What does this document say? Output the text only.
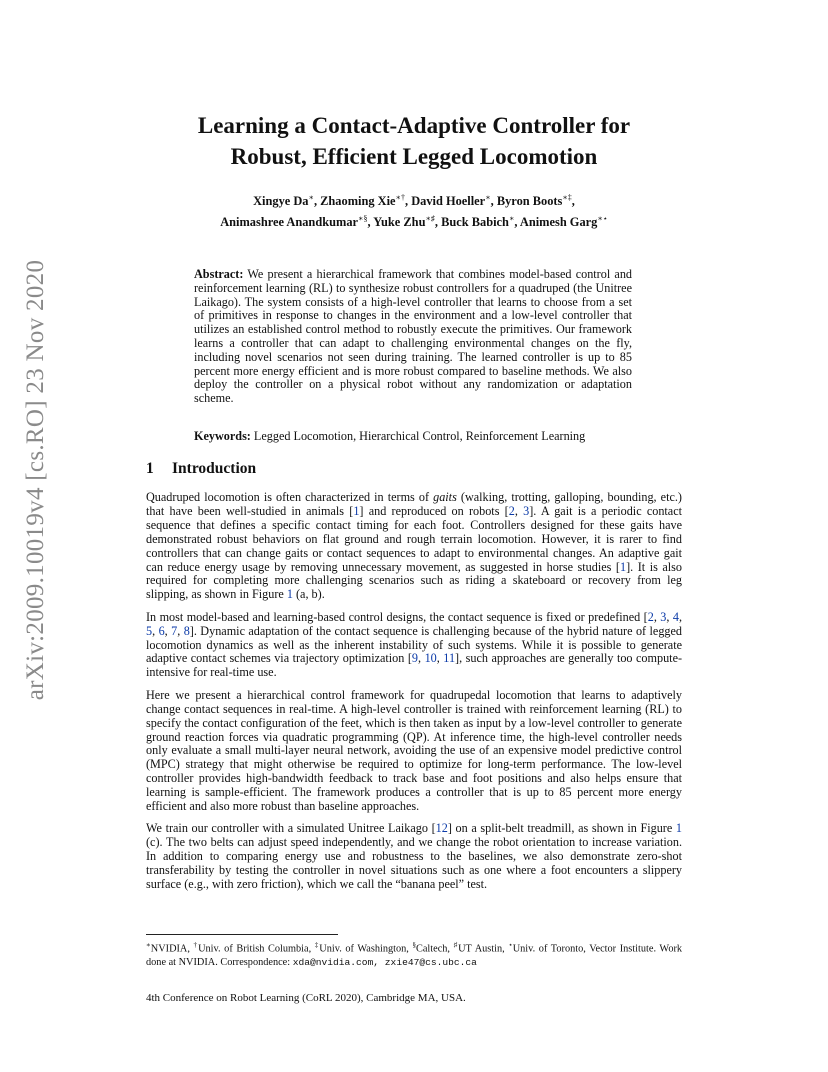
arXiv:2009.10019v4 [cs.RO] 23 Nov 2020
Learning a Contact-Adaptive Controller for
Robust, Efficient Legged Locomotion
Xingye Da∗, Zhaoming Xie∗†, David Hoeller∗, Byron Boots∗‡,
Animashree Anandkumar∗§, Yuke Zhu∗♯, Buck Babich∗, Animesh Garg∗⋆

Abstract: We present a hierarchical framework that combines model-based control and reinforcement learning (RL) to synthesize robust controllers for a quadruped (the Unitree Laikago). The system consists of a high-level controller that learns to choose from a set of primitives in response to changes in the environment and a low-level controller that utilizes an established control method to robustly execute the primitives. Our framework learns a controller that can adapt to challenging environmental changes on the fly, including novel scenarios not seen during training. The learned controller is up to 85 percent more energy efficient and is more robust compared to baseline methods. We also deploy the controller on a physical robot without any randomization or adaptation scheme.

Keywords: Legged Locomotion, Hierarchical Control, Reinforcement Learning

1 Introduction

Quadruped locomotion is often characterized in terms of gaits (walking, trotting, galloping, bounding, etc.) that have been well-studied in animals [1] and reproduced on robots [2, 3]. A gait is a periodic contact sequence that defines a specific contact timing for each foot. Controllers designed for these gaits have demonstrated robust behaviors on flat ground and rough terrain locomotion. However, it is rarer to find controllers that can change gaits or contact sequences to adapt to environmental changes. An adaptive gait can reduce energy usage by removing unnecessary movement, as suggested in horse studies [1]. It is also required for completing more challenging scenarios such as riding a skateboard or recovery from leg slipping, as shown in Figure 1 (a, b).

In most model-based and learning-based control designs, the contact sequence is fixed or predefined [2, 3, 4, 5, 6, 7, 8]. Dynamic adaptation of the contact sequence is challenging because of the hybrid nature of legged locomotion dynamics as well as the inherent instability of such systems. While it is possible to generate adaptive contact schemes via trajectory optimization [9, 10, 11], such approaches are generally too compute-intensive for real-time use.

Here we present a hierarchical control framework for quadrupedal locomotion that learns to adaptively change contact sequences in real-time. A high-level controller is trained with reinforcement learning (RL) to specify the contact configuration of the feet, which is then taken as input by a low-level controller to generate ground reaction forces via quadratic programming (QP). At inference time, the high-level controller needs only evaluate a small multi-layer neural network, avoiding the use of an expensive model predictive control (MPC) strategy that might otherwise be required to optimize for long-term performance. The low-level controller provides high-bandwidth feedback to track base and foot positions and also helps ensure that learning is sample-efficient. The framework produces a controller that is up to 85 percent more energy efficient and also more robust than baseline approaches.

We train our controller with a simulated Unitree Laikago [12] on a split-belt treadmill, as shown in Figure 1 (c). The two belts can adjust speed independently, and we change the robot orientation to increase variation. In addition to comparing energy use and robustness to the baselines, we also demonstrate zero-shot transferability by testing the controller in novel situations such as one where a foot encounters a slippery surface (e.g., with zero friction), which we call the “banana peel” test.

∗NVIDIA, †Univ. of British Columbia, ‡Univ. of Washington, §Caltech, ♯UT Austin, ⋆Univ. of Toronto, Vector Institute. Work done at NVIDIA. Correspondence: xda@nvidia.com, zxie47@cs.ubc.ca

4th Conference on Robot Learning (CoRL 2020), Cambridge MA, USA.
